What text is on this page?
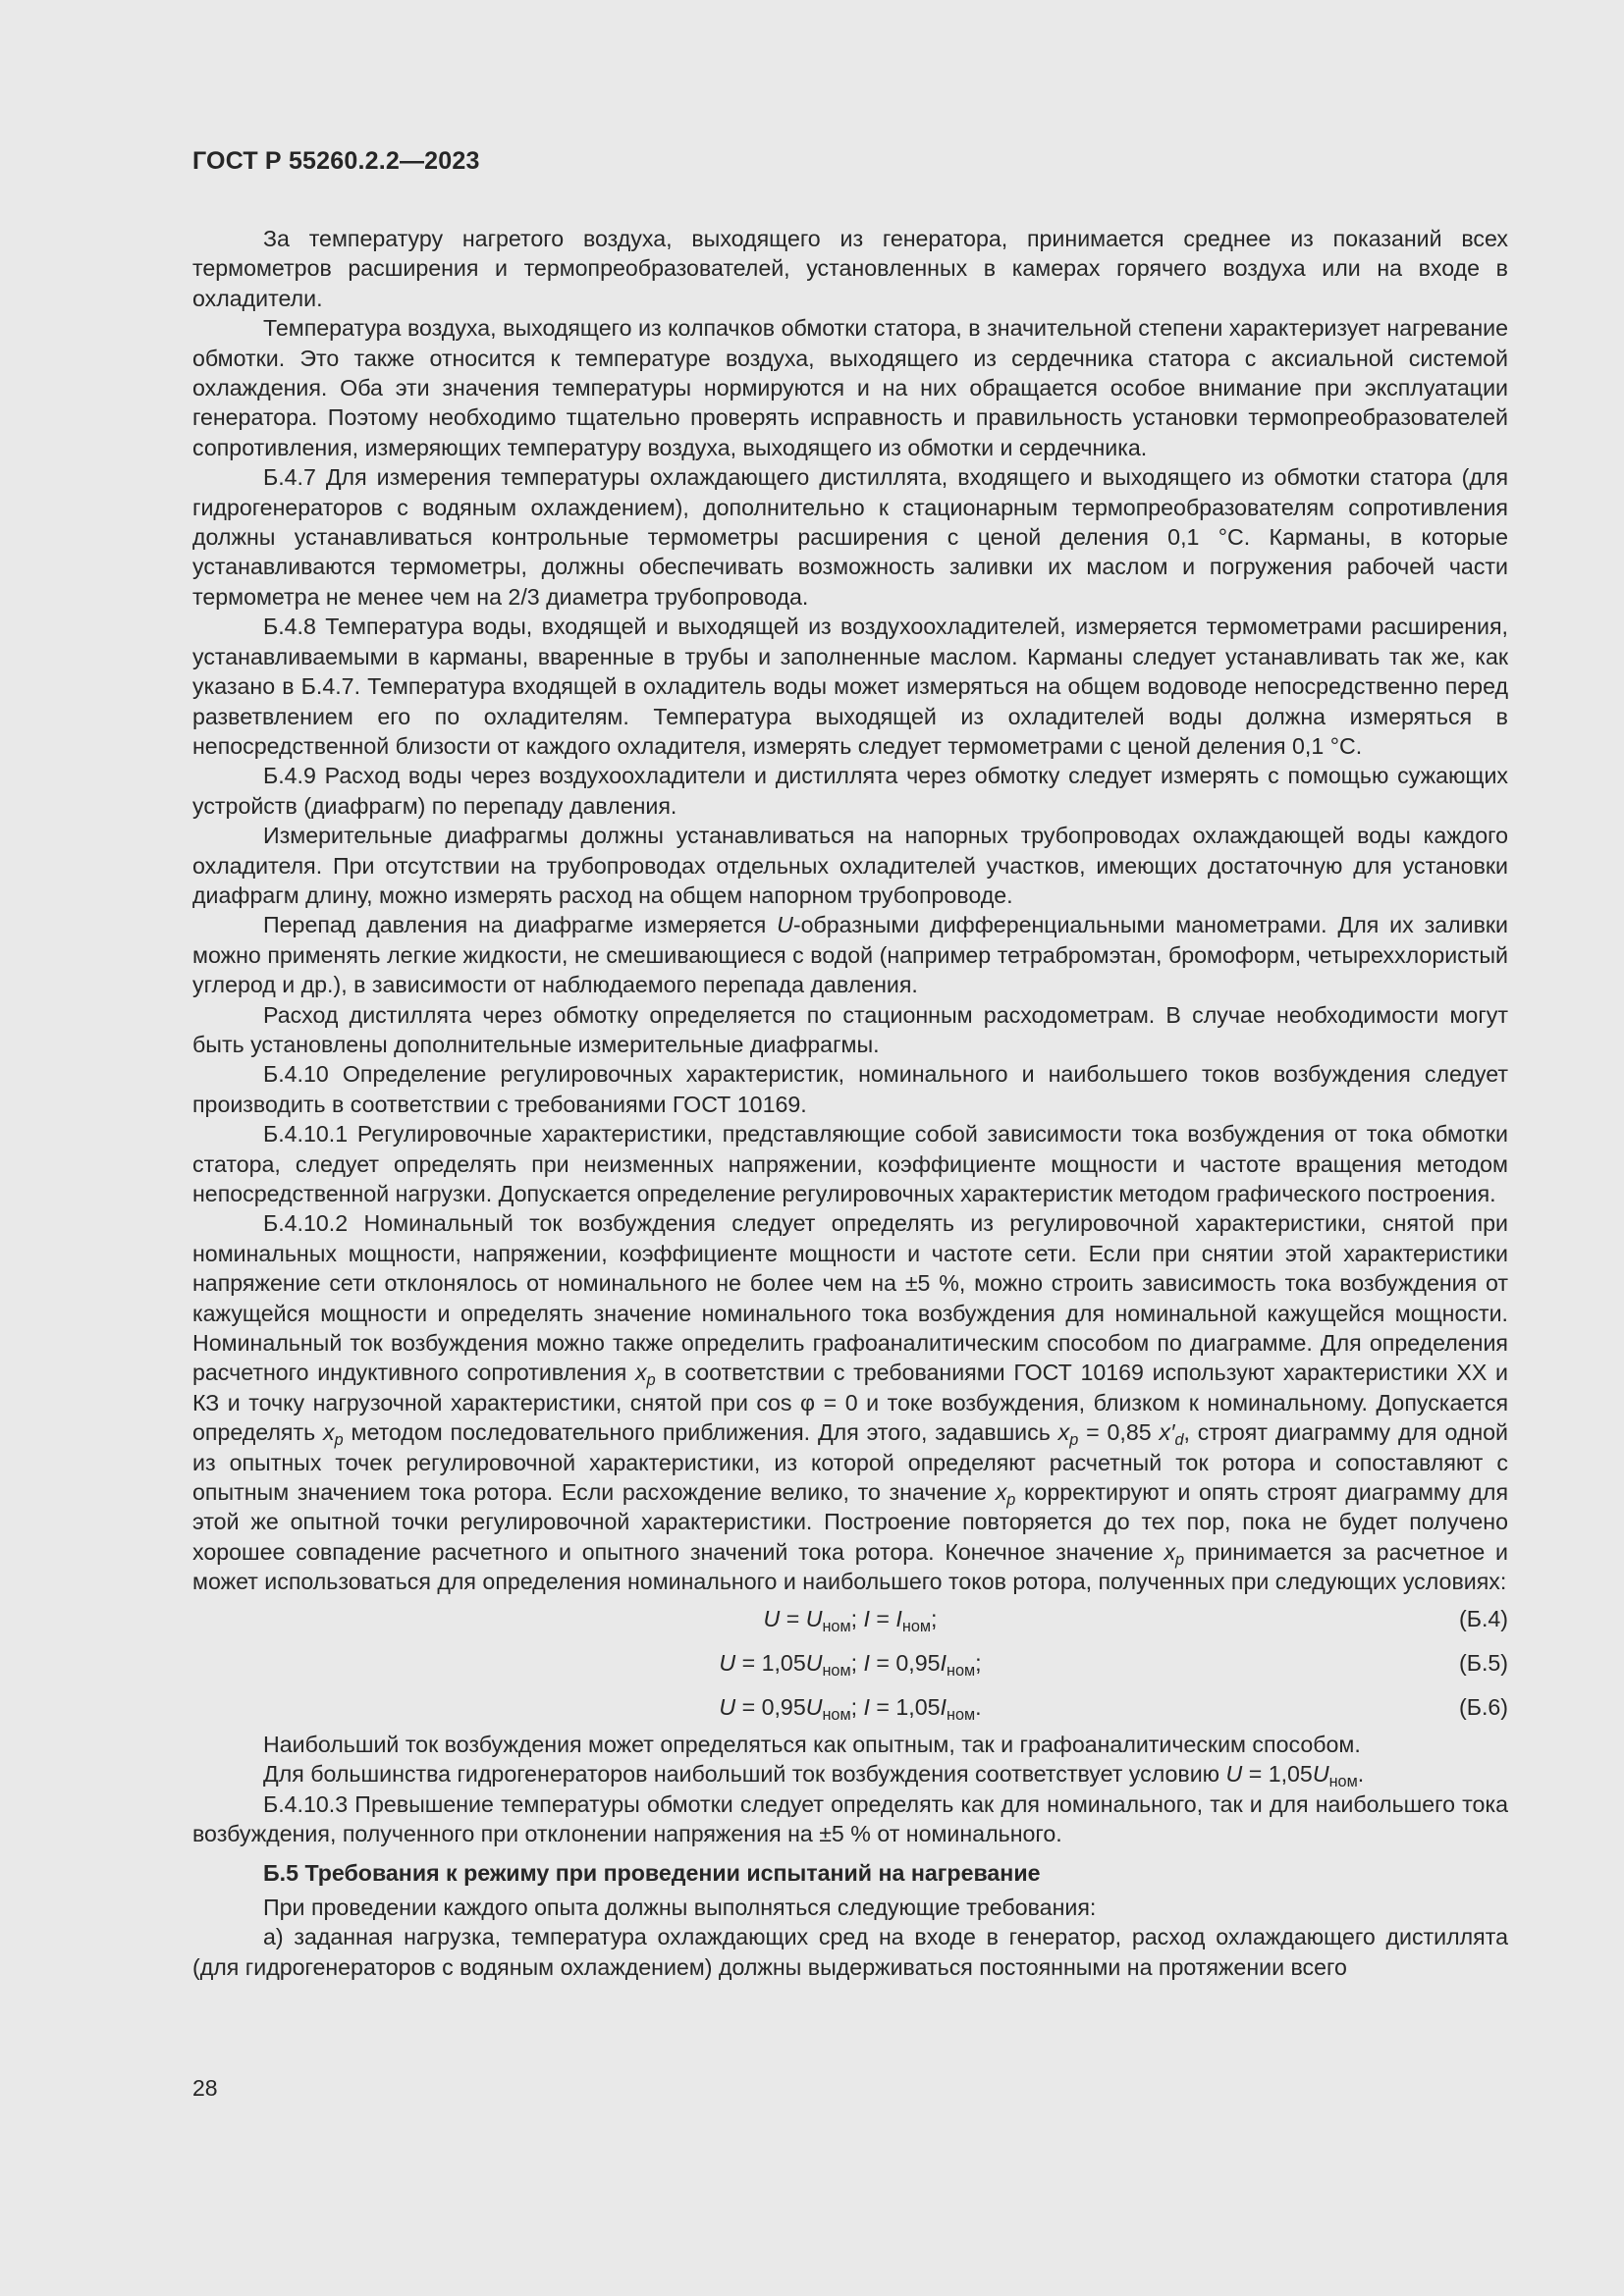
ГОСТ Р 55260.2.2—2023

За температуру нагретого воздуха, выходящего из генератора, принимается среднее из показаний всех термометров расширения и термопреобразователей, установленных в камерах горячего воздуха или на входе в охладители.

Температура воздуха, выходящего из колпачков обмотки статора, в значительной степени характеризует нагревание обмотки. Это также относится к температуре воздуха, выходящего из сердечника статора с аксиальной системой охлаждения. Оба эти значения температуры нормируются и на них обращается особое внимание при эксплуатации генератора. Поэтому необходимо тщательно проверять исправность и правильность установки термопреобразователей сопротивления, измеряющих температуру воздуха, выходящего из обмотки и сердечника.

Б.4.7 Для измерения температуры охлаждающего дистиллята, входящего и выходящего из обмотки статора (для гидрогенераторов с водяным охлаждением), дополнительно к стационарным термопреобразователям сопротивления должны устанавливаться контрольные термометры расширения с ценой деления 0,1 °С. Карманы, в которые устанавливаются термометры, должны обеспечивать возможность заливки их маслом и погружения рабочей части термометра не менее чем на 2/3 диаметра трубопровода.

Б.4.8 Температура воды, входящей и выходящей из воздухоохладителей, измеряется термометрами расширения, устанавливаемыми в карманы, вваренные в трубы и заполненные маслом. Карманы следует устанавливать так же, как указано в Б.4.7. Температура входящей в охладитель воды может измеряться на общем водоводе непосредственно перед разветвлением его по охладителям. Температура выходящей из охладителей воды должна измеряться в непосредственной близости от каждого охладителя, измерять следует термометрами с ценой деления 0,1 °С.

Б.4.9 Расход воды через воздухоохладители и дистиллята через обмотку следует измерять с помощью сужающих устройств (диафрагм) по перепаду давления.

Измерительные диафрагмы должны устанавливаться на напорных трубопроводах охлаждающей воды каждого охладителя. При отсутствии на трубопроводах отдельных охладителей участков, имеющих достаточную для установки диафрагм длину, можно измерять расход на общем напорном трубопроводе.

Перепад давления на диафрагме измеряется U-образными дифференциальными манометрами. Для их заливки можно применять легкие жидкости, не смешивающиеся с водой (например тетрабромэтан, бромоформ, четыреххлористый углерод и др.), в зависимости от наблюдаемого перепада давления.

Расход дистиллята через обмотку определяется по стационным расходометрам. В случае необходимости могут быть установлены дополнительные измерительные диафрагмы.

Б.4.10 Определение регулировочных характеристик, номинального и наибольшего токов возбуждения следует производить в соответствии с требованиями ГОСТ 10169.

Б.4.10.1 Регулировочные характеристики, представляющие собой зависимости тока возбуждения от тока обмотки статора, следует определять при неизменных напряжении, коэффициенте мощности и частоте вращения методом непосредственной нагрузки. Допускается определение регулировочных характеристик методом графического построения.

Б.4.10.2 Номинальный ток возбуждения следует определять из регулировочной характеристики, снятой при номинальных мощности, напряжении, коэффициенте мощности и частоте сети. Если при снятии этой характеристики напряжение сети отклонялось от номинального не более чем на ±5 %, можно строить зависимость тока возбуждения от кажущейся мощности и определять значение номинального тока возбуждения для номинальной кажущейся мощности. Номинальный ток возбуждения можно также определить графоаналитическим способом по диаграмме. Для определения расчетного индуктивного сопротивления $x_p$ в соответствии с требованиями ГОСТ 10169 используют характеристики ХХ и КЗ и точку нагрузочной характеристики, снятой при cos φ = 0 и токе возбуждения, близком к номинальному. Допускается определять $x_p$ методом последовательного приближения. Для этого, задавшись $x_p = 0,85$ $x'_d$, строят диаграмму для одной из опытных точек регулировочной характеристики, из которой определяют расчетный ток ротора и сопоставляют с опытным значением тока ротора. Если расхождение велико, то значение $x_p$ корректируют и опять строят диаграмму для этой же опытной точки регулировочной характеристики. Построение повторяется до тех пор, пока не будет получено хорошее совпадение расчетного и опытного значений тока ротора. Конечное значение $x_p$ принимается за расчетное и может использоваться для определения номинального и наибольшего токов ротора, полученных при следующих условиях:

$U = U_{ном}$; $I = I_{ном}$;	(Б.4)
$U = 1,05U_{ном}$; $I = 0,95I_{ном}$;	(Б.5)
$U = 0,95U_{ном}$; $I = 1,05I_{ном}$.	(Б.6)

Наибольший ток возбуждения может определяться как опытным, так и графоаналитическим способом.

Для большинства гидрогенераторов наибольший ток возбуждения соответствует условию $U = 1,05U_{ном}$.

Б.4.10.3 Превышение температуры обмотки следует определять как для номинального, так и для наибольшего тока возбуждения, полученного при отклонении напряжения на ±5 % от номинального.

Б.5 Требования к режиму при проведении испытаний на нагревание

При проведении каждого опыта должны выполняться следующие требования:

а) заданная нагрузка, температура охлаждающих сред на входе в генератор, расход охлаждающего дистиллята (для гидрогенераторов с водяным охлаждением) должны выдерживаться постоянными на протяжении всего

28
